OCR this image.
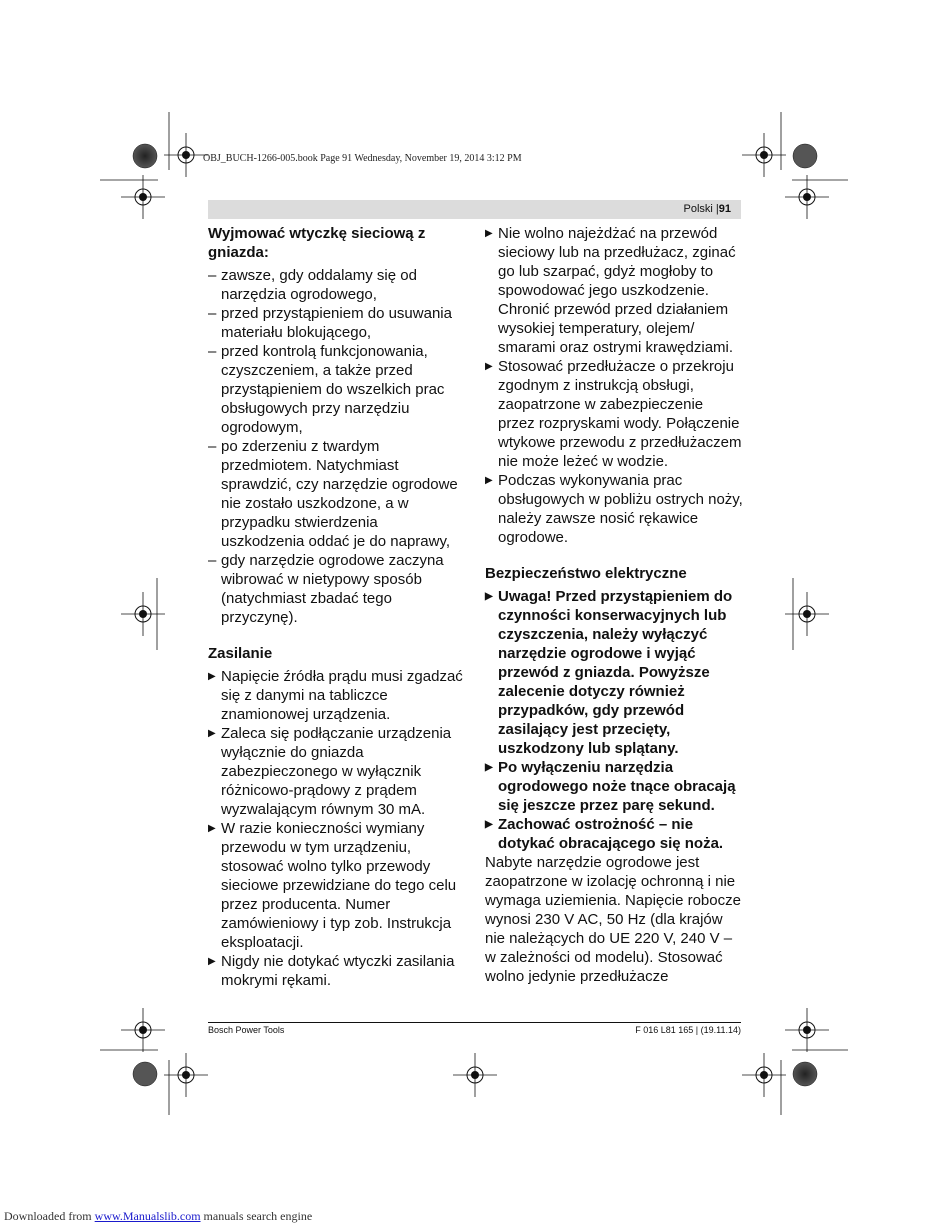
OBJ_BUCH-1266-005.book Page 91 Wednesday, November 19, 2014 3:12 PM
Polski |91

Wyjmować wtyczkę sieciową z gniazda:

– zawsze, gdy oddalamy się od narzędzia ogrodowego,

– przed przystąpieniem do usuwania materiału blokującego,

– przed kontrolą funkcjonowania, czyszczeniem, a także przed przystąpieniem do wszelkich prac obsługowych przy narzędziu ogrodowym,

– po zderzeniu z twardym przedmiotem. Natychmiast sprawdzić, czy narzędzie ogrodowe nie zostało uszkodzone, a w przypadku stwierdzenia uszkodzenia oddać je do naprawy,

– gdy narzędzie ogrodowe zaczyna wibrować w nietypowy sposób (natychmiast zbadać tego przyczynę).

Zasilanie

▶ Napięcie źródła prądu musi zgadzać się z danymi na tabliczce znamionowej urządzenia.

▶ Zaleca się podłączanie urządzenia wyłącznie do gniazda zabezpieczonego w wyłącznik różnicowo-prądowy z prądem wyzwalającym równym 30 mA.

▶ W razie konieczności wymiany przewodu w tym urządzeniu, stosować wolno tylko przewody sieciowe przewidziane do tego celu przez producenta. Numer zamówieniowy i typ zob. Instrukcja eksploatacji.

▶ Nigdy nie dotykać wtyczki zasilania mokrymi rękami.

▶ Nie wolno najeżdżać na przewód sieciowy lub na przedłużacz, zginać go lub szarpać, gdyż mogłoby to spowodować jego uszkodzenie. Chronić przewód przed działaniem wysokiej temperatury, olejem/ smarami oraz ostrymi krawędziami.

▶ Stosować przedłużacze o przekroju zgodnym z instrukcją obsługi, zaopatrzone w zabezpieczenie przez rozpryskami wody. Połączenie wtykowe przewodu z przedłużaczem nie może leżeć w wodzie.

▶ Podczas wykonywania prac obsługowych w pobliżu ostrych noży, należy zawsze nosić rękawice ogrodowe.

Bezpieczeństwo elektryczne

▶ Uwaga! Przed przystąpieniem do czynności konserwacyjnych lub czyszczenia, należy wyłączyć narzędzie ogrodowe i wyjąć przewód z gniazda. Powyższe zalecenie dotyczy również przypadków, gdy przewód zasilający jest przecięty, uszkodzony lub splątany.

▶ Po wyłączeniu narzędzia ogrodowego noże tnące obracają się jeszcze przez parę sekund.

▶ Zachować ostrożność – nie dotykać obracającego się noża.

Nabyte narzędzie ogrodowe jest zaopatrzone w izolację ochronną i nie wymaga uziemienia. Napięcie robocze wynosi 230 V AC, 50 Hz (dla krajów nie należących do UE 220 V, 240 V – w zależności od modelu). Stosować wolno jedynie przedłużacze

Bosch Power Tools	F 016 L81 165 | (19.11.14)
Downloaded from www.Manualslib.com manuals search engine
